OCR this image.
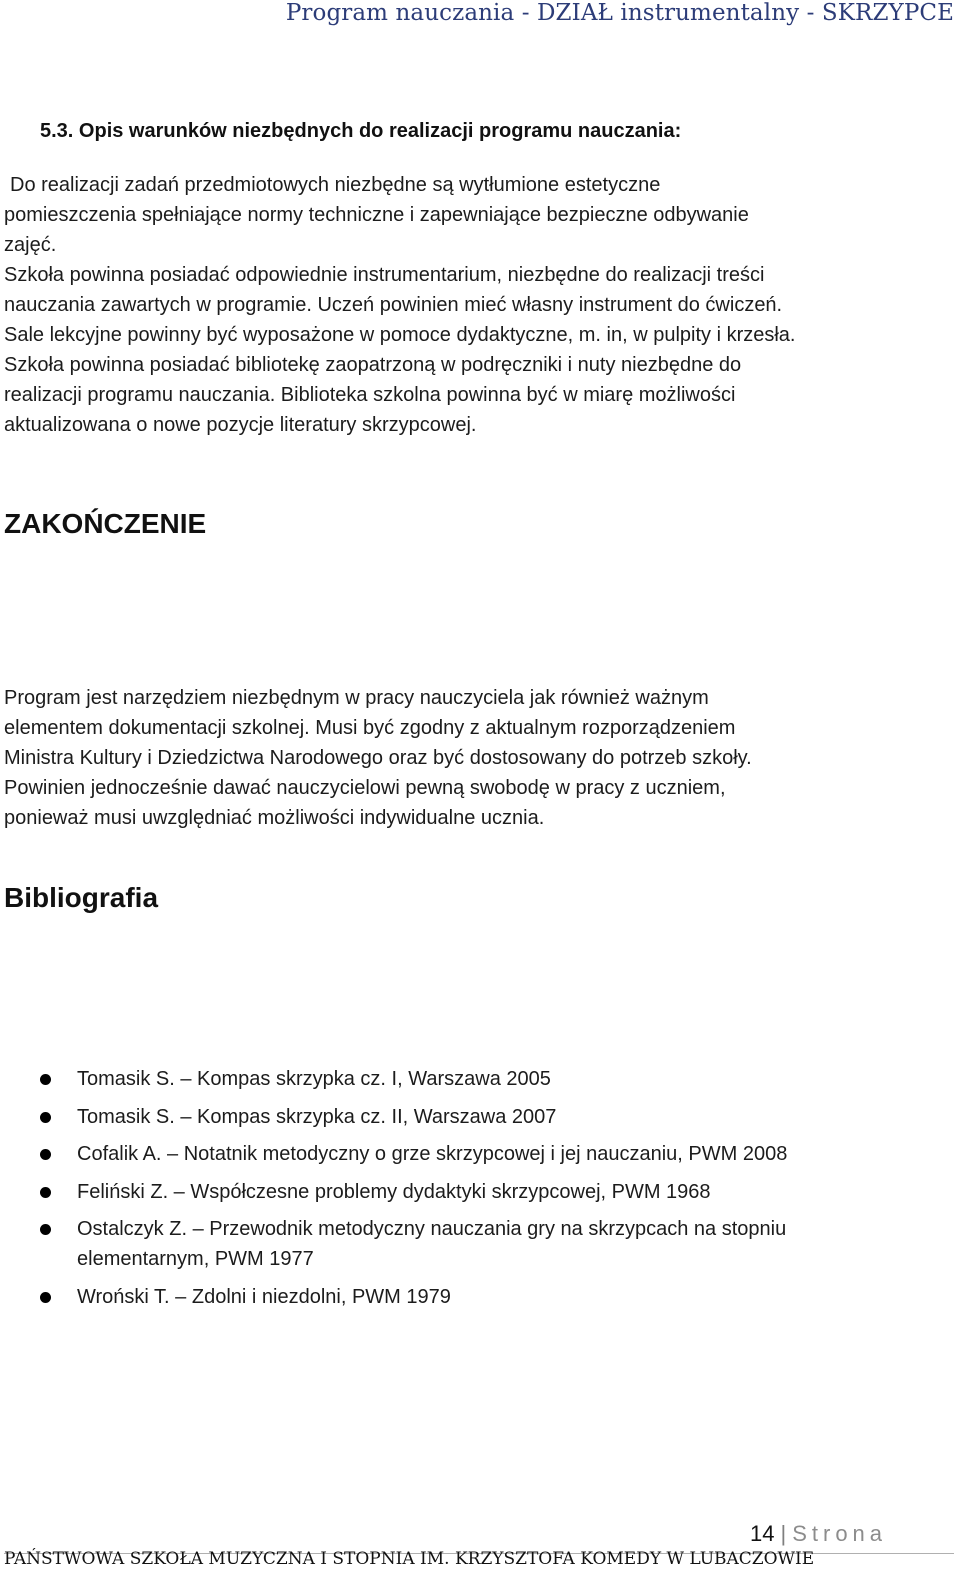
Program nauczania - DZIAŁ instrumentalny - SKRZYPCE
5.3. Opis warunków niezbędnych do realizacji programu nauczania:
Do realizacji zadań przedmiotowych niezbędne są wytłumione estetyczne
pomieszczenia spełniające normy techniczne i zapewniające bezpieczne odbywanie
zajęć.
Szkoła powinna posiadać odpowiednie instrumentarium, niezbędne do realizacji treści
nauczania zawartych w programie. Uczeń powinien mieć własny instrument do ćwiczeń.
Sale lekcyjne powinny być wyposażone w pomoce dydaktyczne, m. in, w pulpity i krzesła.
Szkoła powinna posiadać bibliotekę zaopatrzoną w podręczniki i nuty niezbędne do
realizacji programu nauczania. Biblioteka szkolna powinna być w miarę możliwości
aktualizowana o nowe pozycje literatury skrzypcowej.
ZAKOŃCZENIE
Program jest narzędziem niezbędnym w pracy nauczyciela jak również ważnym
elementem dokumentacji szkolnej. Musi być zgodny z aktualnym rozporządzeniem
Ministra Kultury i Dziedzictwa Narodowego oraz być dostosowany do potrzeb szkoły.
Powinien jednocześnie dawać nauczycielowi pewną swobodę w pracy z uczniem,
ponieważ musi uwzględniać możliwości indywidualne ucznia.
Bibliografia
Tomasik S. – Kompas skrzypka cz. I, Warszawa 2005
Tomasik S. – Kompas skrzypka cz. II, Warszawa 2007
Cofalik A. – Notatnik metodyczny o grze skrzypcowej i jej nauczaniu, PWM 2008
Feliński Z. – Współczesne problemy dydaktyki skrzypcowej, PWM 1968
Ostalczyk Z. – Przewodnik metodyczny nauczania gry na skrzypcach na stopniu
elementarnym, PWM 1977
Wroński T. – Zdolni i niezdolni, PWM 1979
14 | Strona
PAŃSTWOWA SZKOŁA MUZYCZNA I STOPNIA IM. KRZYSZTOFA KOMEDY W LUBACZOWIE
